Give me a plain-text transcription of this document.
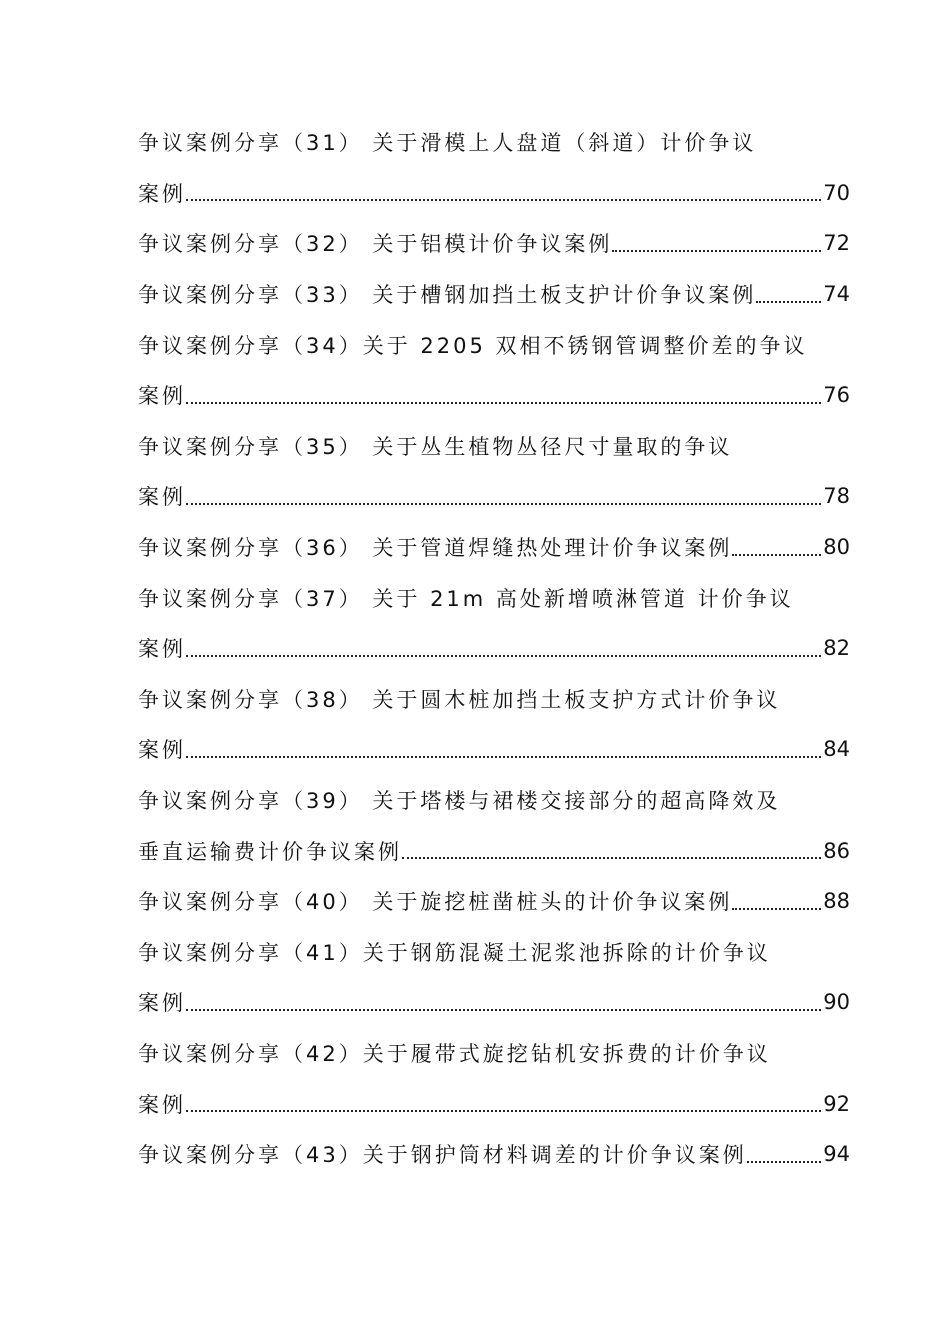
争议案例分享（31） 关于滑模上人盘道（斜道）计价争议
案例	70
争议案例分享（32） 关于铝模计价争议案例	72
争议案例分享（33） 关于槽钢加挡土板支护计价争议案例	74
争议案例分享（34）关于 2205 双相不锈钢管调整价差的争议
案例	76
争议案例分享（35） 关于丛生植物丛径尺寸量取的争议
案例	78
争议案例分享（36） 关于管道焊缝热处理计价争议案例	80
争议案例分享（37） 关于 21m 高处新增喷淋管道 计价争议
案例	82
争议案例分享（38） 关于圆木桩加挡土板支护方式计价争议
案例	84
争议案例分享（39） 关于塔楼与裙楼交接部分的超高降效及
垂直运输费计价争议案例	86
争议案例分享（40） 关于旋挖桩凿桩头的计价争议案例	88
争议案例分享（41）关于钢筋混凝土泥浆池拆除的计价争议
案例	90
争议案例分享（42）关于履带式旋挖钻机安拆费的计价争议
案例	92
争议案例分享（43）关于钢护筒材料调差的计价争议案例	94
